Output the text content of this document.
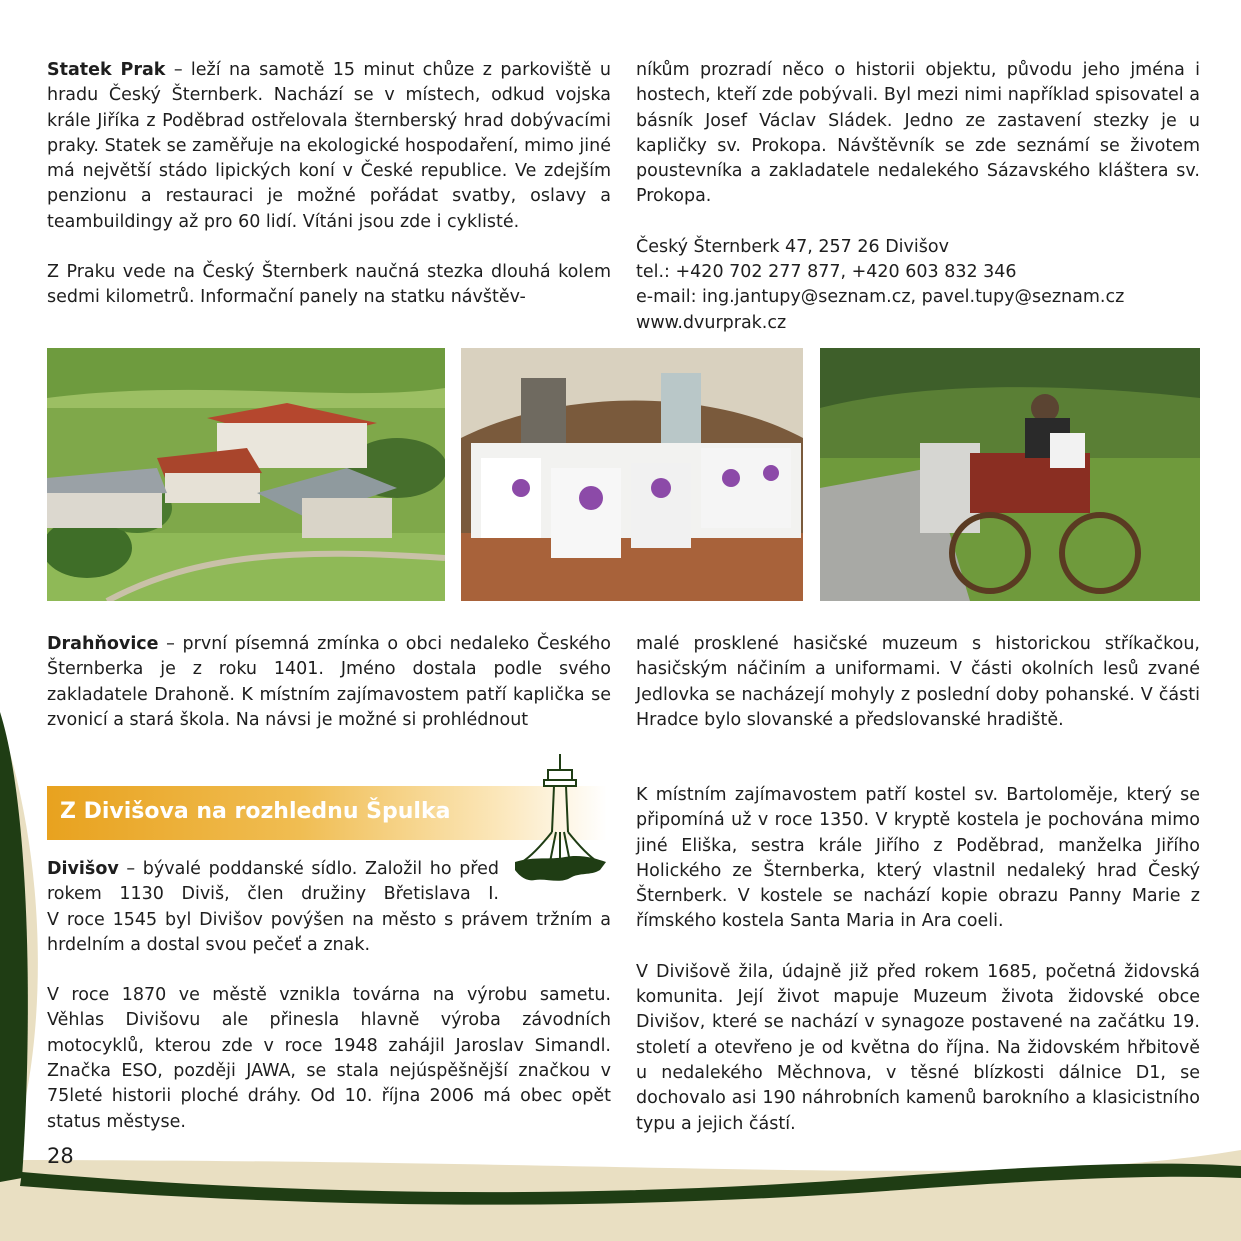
Statek Prak – leží na samotě 15 minut chůze z parkoviště u hradu Český Šternberk. Nachází se v místech, odkud vojska krále Jiříka z Poděbrad ostřelovala šternberský hrad dobývacími praky. Statek se zaměřuje na ekologické hospodaření, mimo jiné má největší stádo lipických koní v České republice. Ve zdejším penzionu a restauraci je možné pořádat svatby, oslavy a teambuildingy až pro 60 lidí. Vítáni jsou zde i cyklisté.

Z Praku vede na Český Šternberk naučná stezka dlouhá kolem sedmi kilometrů. Informační panely na statku návštěv-

níkům prozradí něco o historii objektu, původu jeho jména i hostech, kteří zde pobývali. Byl mezi nimi například spisovatel a básník Josef Václav Sládek. Jedno ze zastavení stezky je u kapličky sv. Prokopa. Návštěvník se zde seznámí se životem poustevníka a zakladatele nedalekého Sázavského kláštera sv. Prokopa.

Český Šternberk 47, 257 26 Divišov
tel.: +420 702 277 877, +420 603 832 346
e-mail: ing.jantupy@seznam.cz, pavel.tupy@seznam.cz
www.dvurprak.cz

Drahňovice – první písemná zmínka o obci nedaleko Českého Šternberka je z roku 1401. Jméno dostala podle svého zakladatele Drahoně. K místním zajímavostem patří kaplička se zvonicí a stará škola. Na návsi je možné si prohlédnout

malé prosklené hasičské muzeum s historickou stříkačkou, hasičským náčiním a uniformami. V části okolních lesů zvané Jedlovka se nacházejí mohyly z poslední doby pohanské. V části Hradce bylo slovanské a předslovanské hradiště.

Z Divišova na rozhlednu Špulka

Divišov – bývalé poddanské sídlo. Založil ho před rokem 1130 Diviš, člen družiny Břetislava I.
V roce 1545 byl Divišov povýšen na město s právem tržním a hrdelním a dostal svou pečeť a znak.

V roce 1870 ve městě vznikla továrna na výrobu sametu. Věhlas Divišovu ale přinesla hlavně výroba závodních motocyklů, kterou zde v roce 1948 zahájil Jaroslav Simandl. Značka ESO, později JAWA, se stala nejúspěšnější značkou v 75leté historii ploché dráhy. Od 10. října 2006 má obec opět status městyse.

K místním zajímavostem patří kostel sv. Bartoloměje, který se připomíná už v roce 1350. V kryptě kostela je pochována mimo jiné Eliška, sestra krále Jiřího z Poděbrad, manželka Jiřího Holického ze Šternberka, který vlastnil nedaleký hrad Český Šternberk. V kostele se nachází kopie obrazu Panny Marie z římského kostela Santa Maria in Ara coeli.

V Divišově žila, údajně již před rokem 1685, početná židovská komunita. Její život mapuje Muzeum života židovské obce Divišov, které se nachází v synagoze postavené na začátku 19. století a otevřeno je od května do října. Na židovském hřbitově u nedalekého Měchnova, v těsné blízkosti dálnice D1, se dochovalo asi 190 náhrobních kamenů barokního a klasicistního typu a jejich částí.

28
